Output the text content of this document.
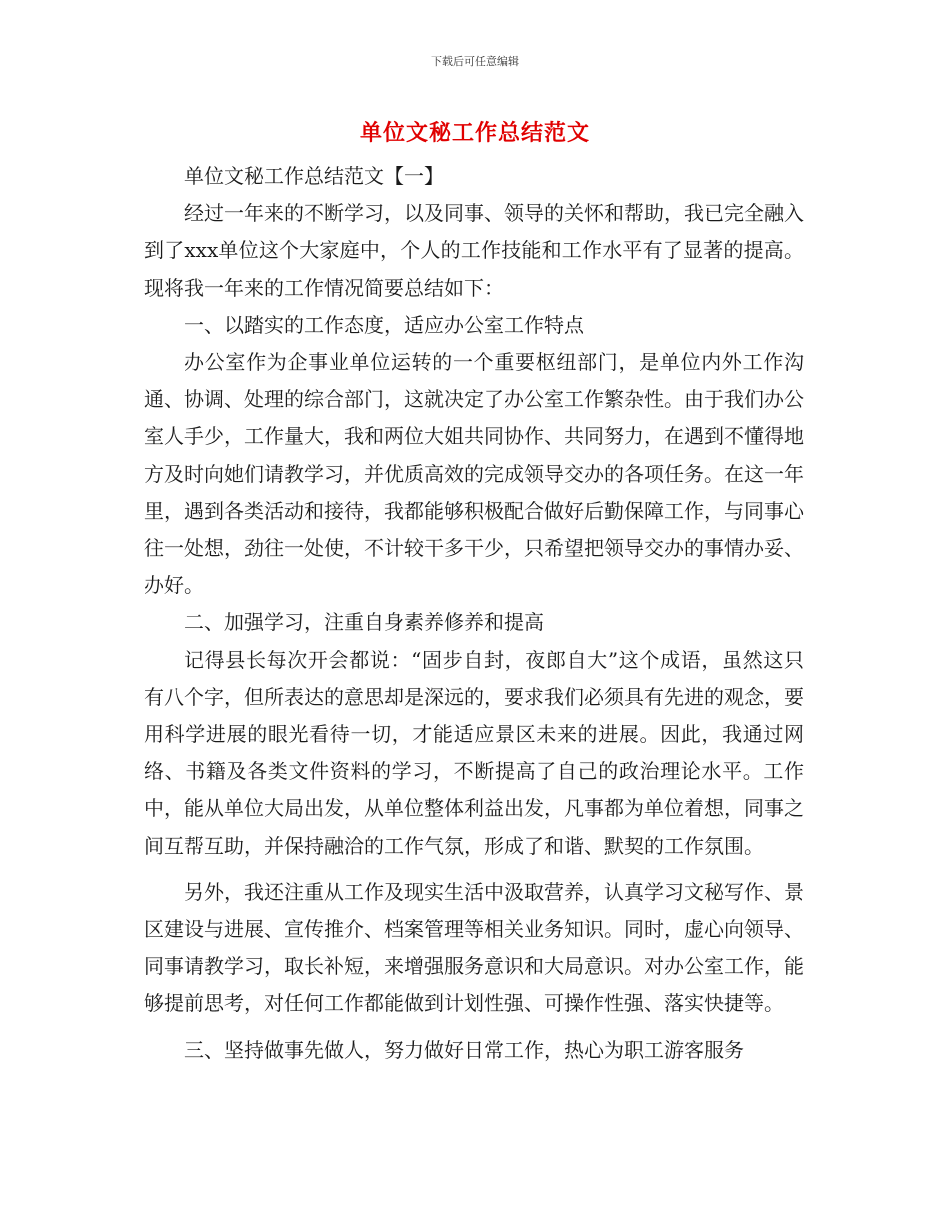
下载后可任意编辑
单位文秘工作总结范文

单位文秘工作总结范文【一】

经过一年来的不断学习，以及同事、领导的关怀和帮助，我已完全融入到了xxx单位这个大家庭中，个人的工作技能和工作水平有了显著的提高。现将我一年来的工作情况简要总结如下：

一、以踏实的工作态度，适应办公室工作特点

办公室作为企事业单位运转的一个重要枢纽部门，是单位内外工作沟通、协调、处理的综合部门，这就决定了办公室工作繁杂性。由于我们办公室人手少，工作量大，我和两位大姐共同协作、共同努力，在遇到不懂得地方及时向她们请教学习，并优质高效的完成领导交办的各项任务。在这一年里，遇到各类活动和接待，我都能够积极配合做好后勤保障工作，与同事心往一处想，劲往一处使，不计较干多干少，只希望把领导交办的事情办妥、办好。

二、加强学习，注重自身素养修养和提高

记得县长每次开会都说：“固步自封，夜郎自大”这个成语，虽然这只有八个字，但所表达的意思却是深远的，要求我们必须具有先进的观念，要用科学进展的眼光看待一切，才能适应景区未来的进展。因此，我通过网络、书籍及各类文件资料的学习，不断提高了自己的政治理论水平。工作中，能从单位大局出发，从单位整体利益出发，凡事都为单位着想，同事之间互帮互助，并保持融洽的工作气氛，形成了和谐、默契的工作氛围。

另外，我还注重从工作及现实生活中汲取营养，认真学习文秘写作、景区建设与进展、宣传推介、档案管理等相关业务知识。同时，虚心向领导、同事请教学习，取长补短，来增强服务意识和大局意识。对办公室工作，能够提前思考，对任何工作都能做到计划性强、可操作性强、落实快捷等。

三、坚持做事先做人，努力做好日常工作，热心为职工游客服务
